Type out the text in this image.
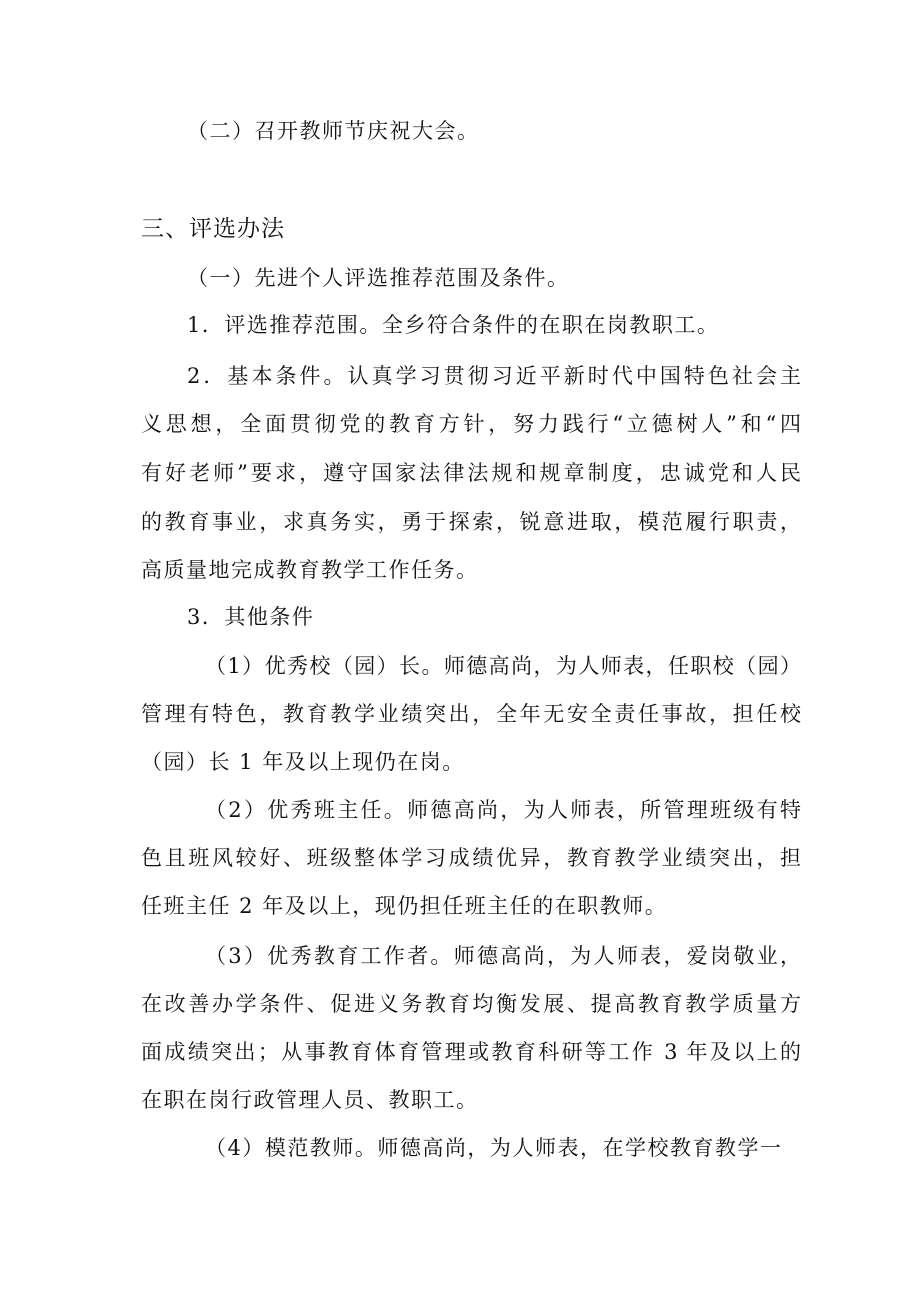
（二）召开教师节庆祝大会。
三、评选办法
（一）先进个人评选推荐范围及条件。
1．评选推荐范围。全乡符合条件的在职在岗教职工。
2．基本条件。认真学习贯彻习近平新时代中国特色社会主
义思想，全面贯彻党的教育方针，努力践行“立德树人”和“四
有好老师”要求，遵守国家法律法规和规章制度，忠诚党和人民
的教育事业，求真务实，勇于探索，锐意进取，模范履行职责，
高质量地完成教育教学工作任务。
3．其他条件
（1）优秀校（园）长。师德高尚，为人师表，任职校（园）
管理有特色，教育教学业绩突出，全年无安全责任事故，担任校
（园）长 1 年及以上现仍在岗。
（2）优秀班主任。师德高尚，为人师表，所管理班级有特
色且班风较好、班级整体学习成绩优异，教育教学业绩突出，担
任班主任 2 年及以上，现仍担任班主任的在职教师。
（3）优秀教育工作者。师德高尚，为人师表，爱岗敬业，
在改善办学条件、促进义务教育均衡发展、提高教育教学质量方
面成绩突出；从事教育体育管理或教育科研等工作 3 年及以上的
在职在岗行政管理人员、教职工。
（4）模范教师。师德高尚，为人师表，在学校教育教学一
